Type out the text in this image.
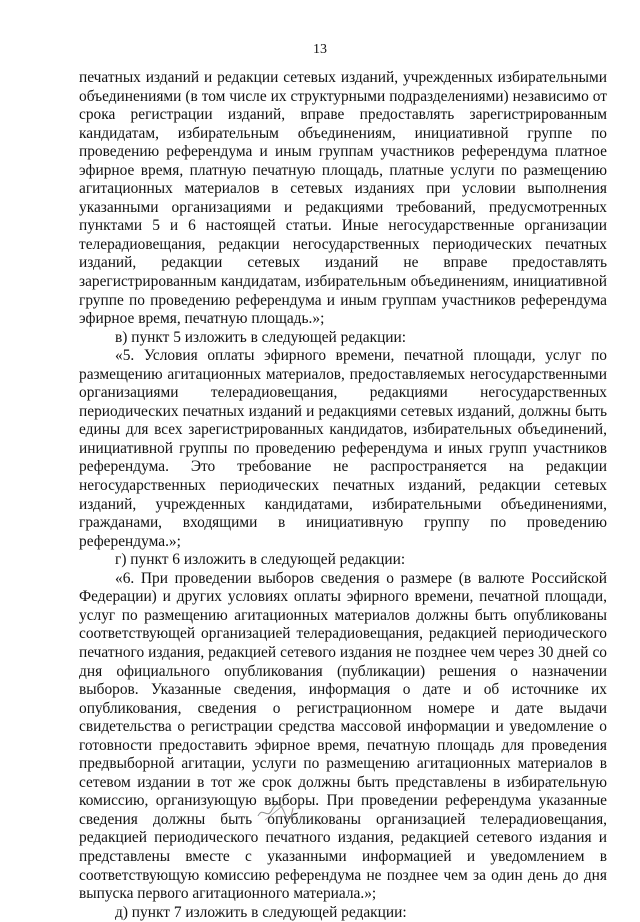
13

печатных изданий и редакции сетевых изданий, учрежденных избирательными объединениями (в том числе их структурными подразделениями) независимо от срока регистрации изданий, вправе предоставлять зарегистрированным кандидатам, избирательным объединениям, инициативной группе по проведению референдума и иным группам участников референдума платное эфирное время, платную печатную площадь, платные услуги по размещению агитационных материалов в сетевых изданиях при условии выполнения указанными организациями и редакциями требований, предусмотренных пунктами 5 и 6 настоящей статьи. Иные негосударственные организации телерадиовещания, редакции негосударственных периодических печатных изданий, редакции сетевых изданий не вправе предоставлять зарегистрированным кандидатам, избирательным объединениям, инициативной группе по проведению референдума и иным группам участников референдума эфирное время, печатную площадь.»;

в) пункт 5 изложить в следующей редакции:

«5. Условия оплаты эфирного времени, печатной площади, услуг по размещению агитационных материалов, предоставляемых негосударственными организациями телерадиовещания, редакциями негосударственных периодических печатных изданий и редакциями сетевых изданий, должны быть едины для всех зарегистрированных кандидатов, избирательных объединений, инициативной группы по проведению референдума и иных групп участников референдума. Это требование не распространяется на редакции негосударственных периодических печатных изданий, редакции сетевых изданий, учрежденных кандидатами, избирательными объединениями, гражданами, входящими в инициативную группу по проведению референдума.»;

г) пункт 6 изложить в следующей редакции:

«6. При проведении выборов сведения о размере (в валюте Российской Федерации) и других условиях оплаты эфирного времени, печатной площади, услуг по размещению агитационных материалов должны быть опубликованы соответствующей организацией телерадиовещания, редакцией периодического печатного издания, редакцией сетевого издания не позднее чем через 30 дней со дня официального опубликования (публикации) решения о назначении выборов. Указанные сведения, информация о дате и об источнике их опубликования, сведения о регистрационном номере и дате выдачи свидетельства о регистрации средства массовой информации и уведомление о готовности предоставить эфирное время, печатную площадь для проведения предвыборной агитации, услуги по размещению агитационных материалов в сетевом издании в тот же срок должны быть представлены в избирательную комиссию, организующую выборы. При проведении референдума указанные сведения должны быть опубликованы организацией телерадиовещания, редакцией периодического печатного издания, редакцией сетевого издания и представлены вместе с указанными информацией и уведомлением в соответствующую комиссию референдума не позднее чем за один день до дня выпуска первого агитационного материала.»;

д) пункт 7 изложить в следующей редакции:
